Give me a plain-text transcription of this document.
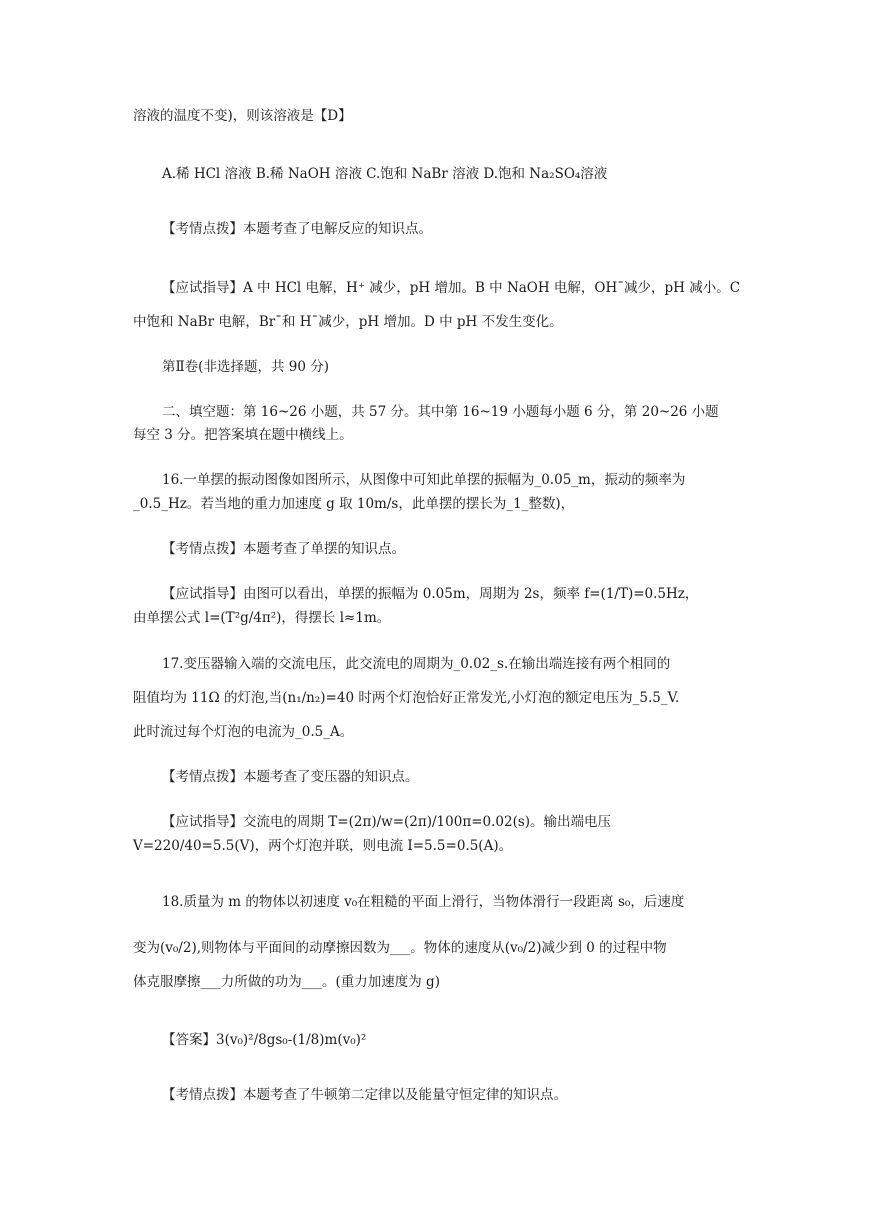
溶液的温度不变)，则该溶液是【D】
A.稀 HCl 溶液 B.稀 NaOH 溶液 C.饱和 NaBr 溶液 D.饱和 Na₂SO₄溶液
【考情点拨】本题考查了电解反应的知识点。
【应试指导】A 中 HCl 电解，H⁺ 减少，pH 增加。B 中 NaOH 电解，OH¯减少，pH 减小。C
中饱和 NaBr 电解，Br¯和 H¯减少，pH 增加。D 中 pH 不发生变化。
第Ⅱ卷(非选择题，共 90 分)
二、填空题：第 16~26 小题，共 57 分。其中第 16~19 小题每小题 6 分，第 20~26 小题
每空 3 分。把答案填在题中横线上。
16.一单摆的振动图像如图所示，从图像中可知此单摆的振幅为_0.05_m，振动的频率为
_0.5_Hz。若当地的重力加速度 g 取 10m/s，此单摆的摆长为_1_整数)，
【考情点拨】本题考查了单摆的知识点。
【应试指导】由图可以看出，单摆的振幅为 0.05m，周期为 2s，频率 f=(1/T)=0.5Hz，
由单摆公式 l=(T²g/4π²)，得摆长 l≈1m。
17.变压器输入端的交流电压，此交流电的周期为_0.02_s.在输出端连接有两个相同的
阻值均为 11Ω 的灯泡,当(n₁/n₂)=40 时两个灯泡恰好正常发光,小灯泡的额定电压为_5.5_V.
此时流过每个灯泡的电流为_0.5_A。
【考情点拨】本题考查了变压器的知识点。
【应试指导】交流电的周期 T=(2π)/w=(2π)/100π=0.02(s)。输出端电压
V=220/40=5.5(V)，两个灯泡并联，则电流 I=5.5=0.5(A)。
18.质量为 m 的物体以初速度 v₀在粗糙的平面上滑行，当物体滑行一段距离 s₀，后速度
变为(v₀/2),则物体与平面间的动摩擦因数为___。物体的速度从(v₀/2)减少到 0 的过程中物
体克服摩擦___力所做的功为___。(重力加速度为 g)
【答案】3(v₀)²/8gs₀-(1/8)m(v₀)²
【考情点拨】本题考查了牛顿第二定律以及能量守恒定律的知识点。
